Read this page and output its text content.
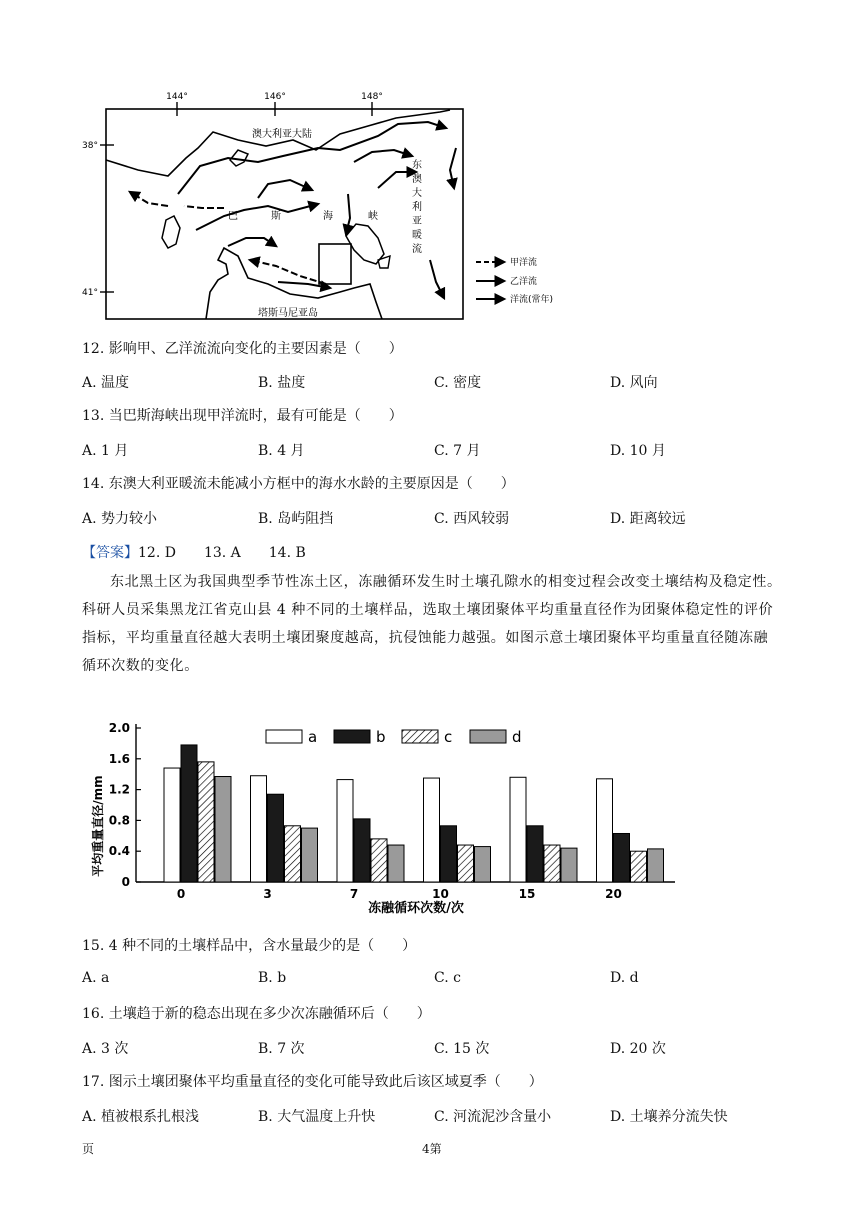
144°	146°	148°
38°
41°
澳大利亚大陆
巴	斯	海	峡
东
澳
大
利
亚
暖
流
塔斯马尼亚岛
甲洋流
乙洋流
洋流(常年)
12. 影响甲、乙洋流流向变化的主要因素是（　　）
A. 温度	B. 盐度	C. 密度	D. 风向
13. 当巴斯海峡出现甲洋流时，最有可能是（　　）
A. 1 月	B. 4 月	C. 7 月	D. 10 月
14. 东澳大利亚暖流未能减小方框中的海水水龄的主要原因是（　　）
A. 势力较小	B. 岛屿阻挡	C. 西风较弱	D. 距离较远
【答案】12. D　　13. A　　14. B
东北黑土区为我国典型季节性冻土区，冻融循环发生时土壤孔隙水的相变过程会改变土壤结构及稳定性。科研人员采集黑龙江省克山县 4 种不同的土壤样品，选取土壤团聚体平均重量直径作为团聚体稳定性的评价指标，平均重量直径越大表明土壤团聚度越高，抗侵蚀能力越强。如图示意土壤团聚体平均重量直径随冻融循环次数的变化。
0
0.4
0.8
1.2
1.6
2.0
0	3	7	10	15	20
a	b	c	d
平均重量直径/mm
冻融循环次数/次
15. 4 种不同的土壤样品中，含水量最少的是（　　）
A. a	B. b	C. c	D. d
16. 土壤趋于新的稳态出现在多少次冻融循环后（　　）
A. 3 次	B. 7 次	C. 15 次	D. 20 次
17. 图示土壤团聚体平均重量直径的变化可能导致此后该区域夏季（　　）
A. 植被根系扎根浅	B. 大气温度上升快	C. 河流泥沙含量小	D. 土壤养分流失快
页	4第
